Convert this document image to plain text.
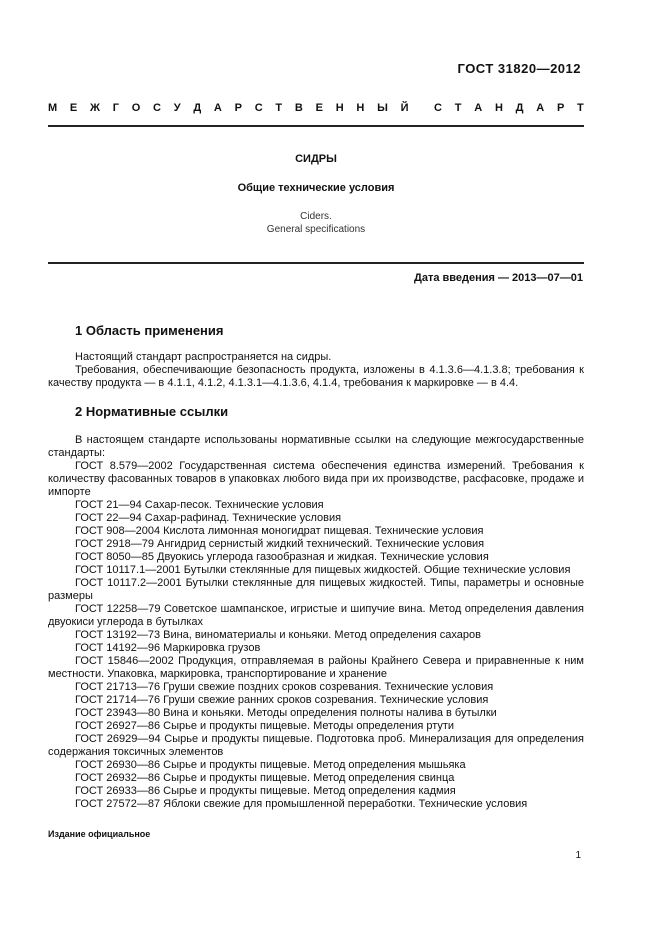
ГОСТ 31820—2012
М Е Ж Г О С У Д А Р С Т В Е Н Н Ы Й С Т А Н Д А Р Т
СИДРЫ
Общие технические условия
Ciders.
General specifications
Дата введения — 2013—07—01
1 Область применения

Настоящий стандарт распространяется на сидры.

Требования, обеспечивающие безопасность продукта, изложены в 4.1.3.6—4.1.3.8; требования к качеству продукта — в 4.1.1, 4.1.2, 4.1.3.1—4.1.3.6, 4.1.4, требования к маркировке — в 4.4.

2 Нормативные ссылки

В настоящем стандарте использованы нормативные ссылки на следующие межгосударственные стандарты:

ГОСТ 8.579—2002 Государственная система обеспечения единства измерений. Требования к количеству фасованных товаров в упаковках любого вида при их производстве, расфасовке, продаже и импорте

ГОСТ 21—94 Сахар-песок. Технические условия

ГОСТ 22—94 Сахар-рафинад. Технические условия

ГОСТ 908—2004 Кислота лимонная моногидрат пищевая. Технические условия

ГОСТ 2918—79 Ангидрид сернистый жидкий технический. Технические условия

ГОСТ 8050—85 Двуокись углерода газообразная и жидкая. Технические условия

ГОСТ 10117.1—2001 Бутылки стеклянные для пищевых жидкостей. Общие технические условия

ГОСТ 10117.2—2001 Бутылки стеклянные для пищевых жидкостей. Типы, параметры и основные размеры

ГОСТ 12258—79 Советское шампанское, игристые и шипучие вина. Метод определения давления двуокиси углерода в бутылках

ГОСТ 13192—73 Вина, виноматериалы и коньяки. Метод определения сахаров

ГОСТ 14192—96 Маркировка грузов

ГОСТ 15846—2002 Продукция, отправляемая в районы Крайнего Севера и приравненные к ним местности. Упаковка, маркировка, транспортирование и хранение

ГОСТ 21713—76 Груши свежие поздних сроков созревания. Технические условия

ГОСТ 21714—76 Груши свежие ранних сроков созревания. Технические условия

ГОСТ 23943—80 Вина и коньяки. Методы определения полноты налива в бутылки

ГОСТ 26927—86 Сырье и продукты пищевые. Методы определения ртути

ГОСТ 26929—94 Сырье и продукты пищевые. Подготовка проб. Минерализация для определения содержания токсичных элементов

ГОСТ 26930—86 Сырье и продукты пищевые. Метод определения мышьяка

ГОСТ 26932—86 Сырье и продукты пищевые. Метод определения свинца

ГОСТ 26933—86 Сырье и продукты пищевые. Метод определения кадмия

ГОСТ 27572—87 Яблоки свежие для промышленной переработки. Технические условия

Издание официальное
1
